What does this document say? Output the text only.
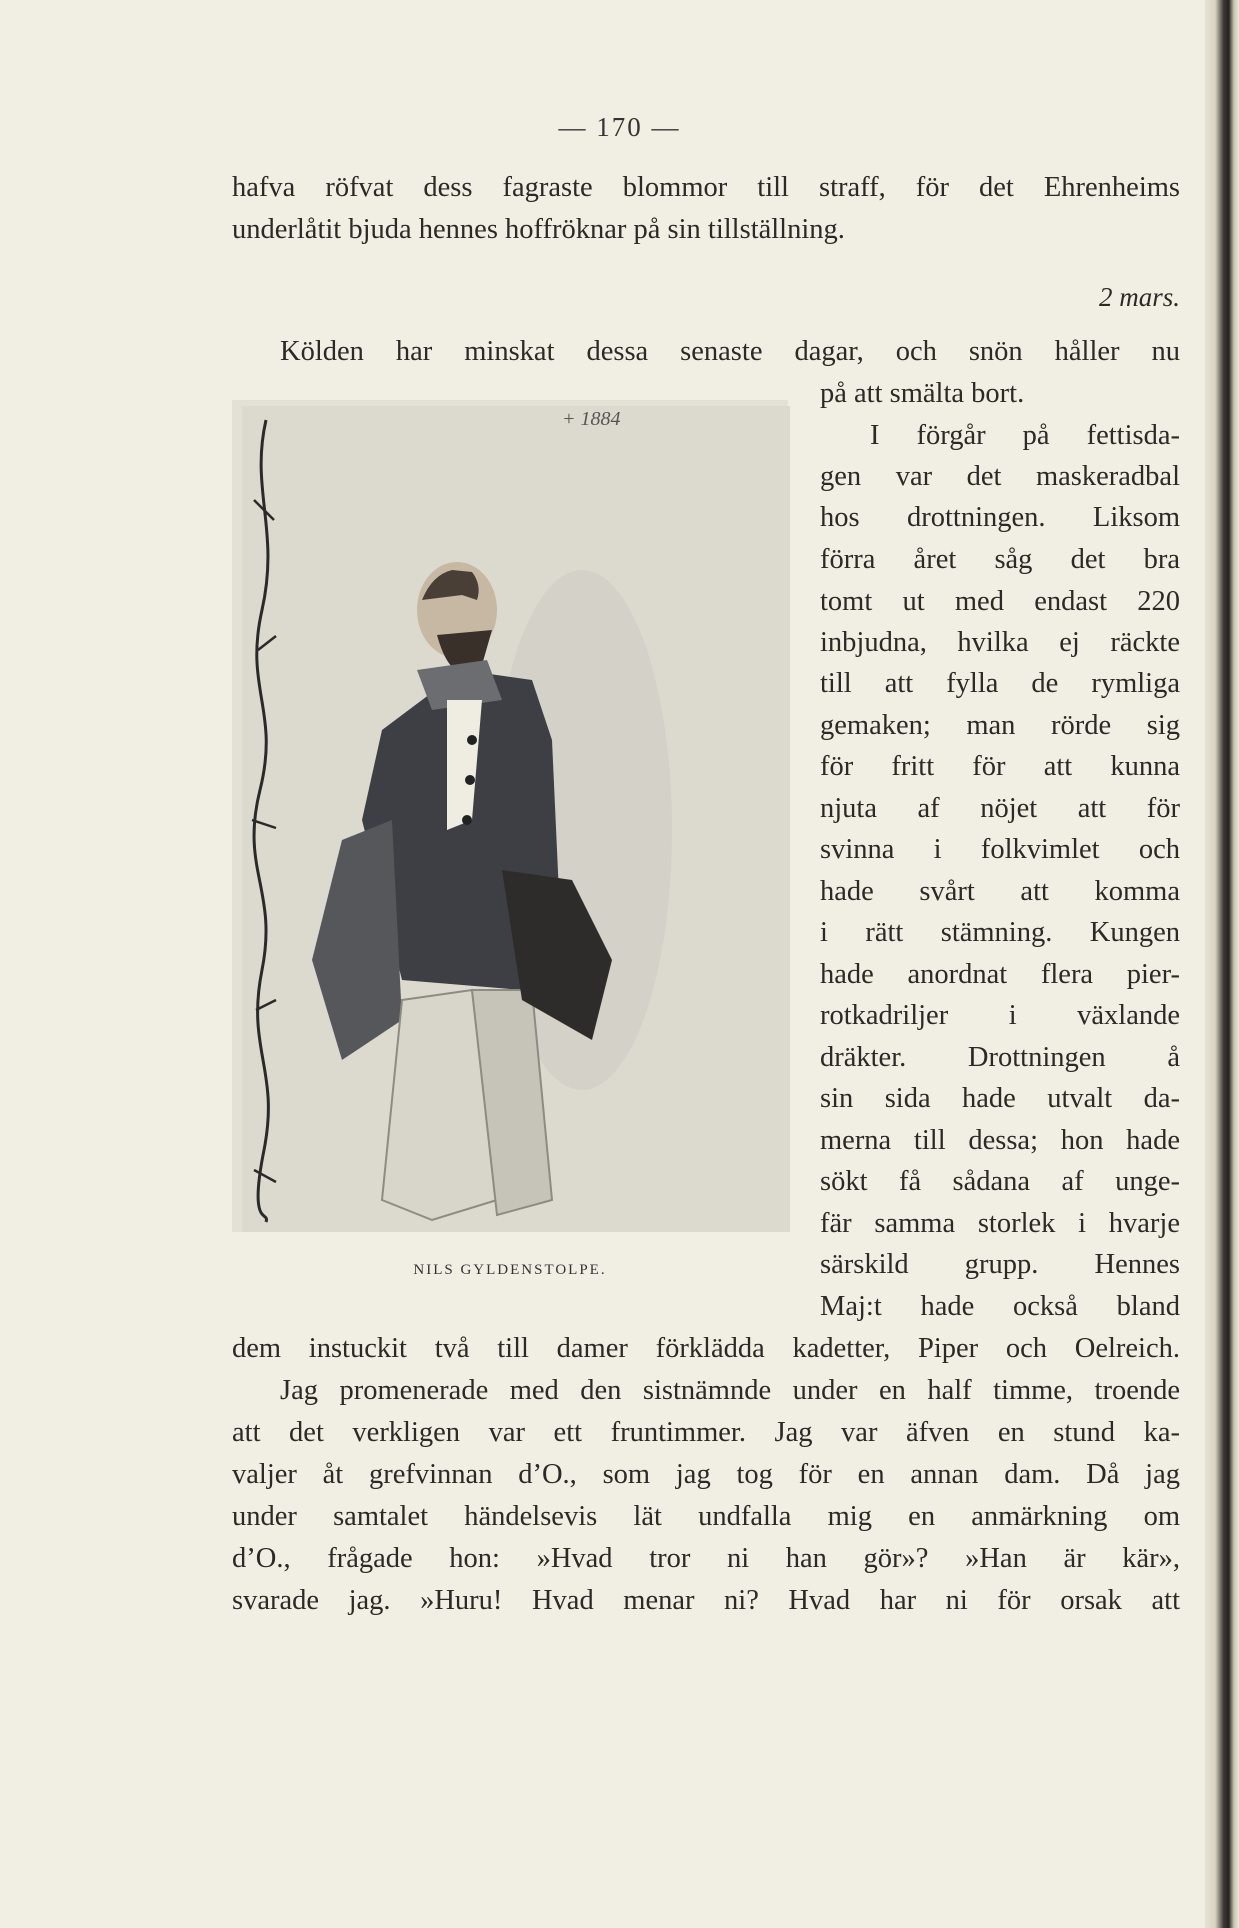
— 170 —
hafva röfvat dess fagraste blommor till straff, för det Ehrenheims
underlåtit bjuda hennes hoffröknar på sin tillställning.
2 mars.
Kölden har minskat dessa senaste dagar, och snön håller nu
på att smälta bort.
I förgår på fettisda-
gen var det maskeradbal
hos drottningen. Liksom
förra året såg det bra
tomt ut med endast 220
inbjudna, hvilka ej räckte
till att fylla de rymliga
gemaken; man rörde sig
för fritt för att kunna
njuta af nöjet att för
svinna i folkvimlet och
hade svårt att komma
i rätt stämning. Kungen
hade anordnat flera pier-
rotkadriljer i växlande
dräkter. Drottningen å
sin sida hade utvalt da-
merna till dessa; hon hade
sökt få sådana af unge-
fär samma storlek i hvarje
särskild grupp. Hennes
Maj:t hade också bland
dem instuckit två till damer förklädda kadetter, Piper och Oelreich.
Jag promenerade med den sistnämnde under en half timme, troende
att det verkligen var ett fruntimmer. Jag var äfven en stund ka-
valjer åt grefvinnan d’O., som jag tog för en annan dam. Då jag
under samtalet händelsevis lät undfalla mig en anmärkning om
d’O., frågade hon: »Hvad tror ni han gör»? »Han är kär»,
svarade jag. »Huru! Hvad menar ni? Hvad har ni för orsak att
+ 1884
NILS GYLDENSTOLPE.
